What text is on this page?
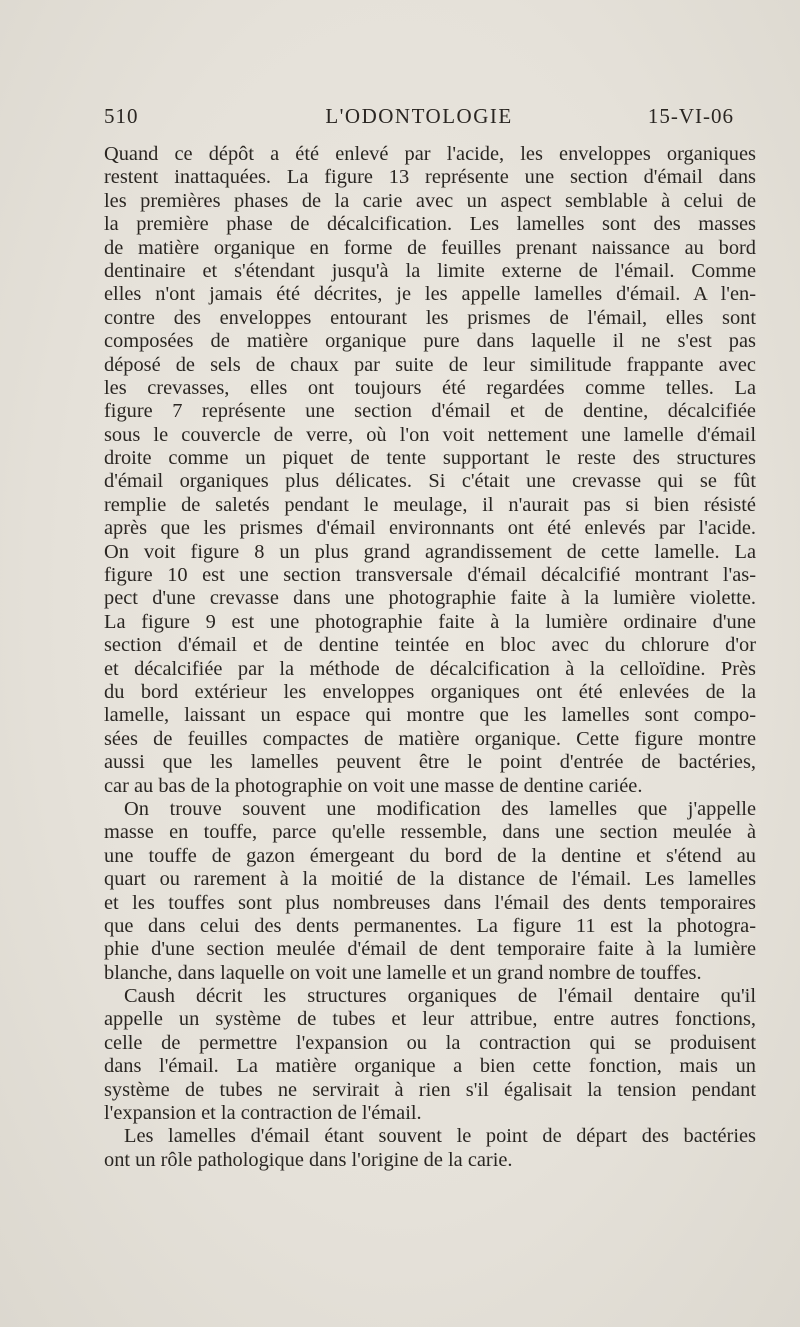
510	L'ODONTOLOGIE	15-VI-06
Quand ce dépôt a été enlevé par l'acide, les enveloppes organiques
restent inattaquées. La figure 13 représente une section d'émail dans
les premières phases de la carie avec un aspect semblable à celui de
la première phase de décalcification. Les lamelles sont des masses
de matière organique en forme de feuilles prenant naissance au bord
dentinaire et s'étendant jusqu'à la limite externe de l'émail. Comme
elles n'ont jamais été décrites, je les appelle lamelles d'émail. A l'en-
contre des enveloppes entourant les prismes de l'émail, elles sont
composées de matière organique pure dans laquelle il ne s'est pas
déposé de sels de chaux par suite de leur similitude frappante avec
les crevasses, elles ont toujours été regardées comme telles. La
figure 7 représente une section d'émail et de dentine, décalcifiée
sous le couvercle de verre, où l'on voit nettement une lamelle d'émail
droite comme un piquet de tente supportant le reste des structures
d'émail organiques plus délicates. Si c'était une crevasse qui se fût
remplie de saletés pendant le meulage, il n'aurait pas si bien résisté
après que les prismes d'émail environnants ont été enlevés par l'acide.
On voit figure 8 un plus grand agrandissement de cette lamelle. La
figure 10 est une section transversale d'émail décalcifié montrant l'as-
pect d'une crevasse dans une photographie faite à la lumière violette.
La figure 9 est une photographie faite à la lumière ordinaire d'une
section d'émail et de dentine teintée en bloc avec du chlorure d'or
et décalcifiée par la méthode de décalcification à la celloïdine. Près
du bord extérieur les enveloppes organiques ont été enlevées de la
lamelle, laissant un espace qui montre que les lamelles sont compo-
sées de feuilles compactes de matière organique. Cette figure montre
aussi que les lamelles peuvent être le point d'entrée de bactéries,
car au bas de la photographie on voit une masse de dentine cariée.
On trouve souvent une modification des lamelles que j'appelle
masse en touffe, parce qu'elle ressemble, dans une section meulée à
une touffe de gazon émergeant du bord de la dentine et s'étend au
quart ou rarement à la moitié de la distance de l'émail. Les lamelles
et les touffes sont plus nombreuses dans l'émail des dents temporaires
que dans celui des dents permanentes. La figure 11 est la photogra-
phie d'une section meulée d'émail de dent temporaire faite à la lumière
blanche, dans laquelle on voit une lamelle et un grand nombre de touffes.
Caush décrit les structures organiques de l'émail dentaire qu'il
appelle un système de tubes et leur attribue, entre autres fonctions,
celle de permettre l'expansion ou la contraction qui se produisent
dans l'émail. La matière organique a bien cette fonction, mais un
système de tubes ne servirait à rien s'il égalisait la tension pendant
l'expansion et la contraction de l'émail.
Les lamelles d'émail étant souvent le point de départ des bactéries
ont un rôle pathologique dans l'origine de la carie.
